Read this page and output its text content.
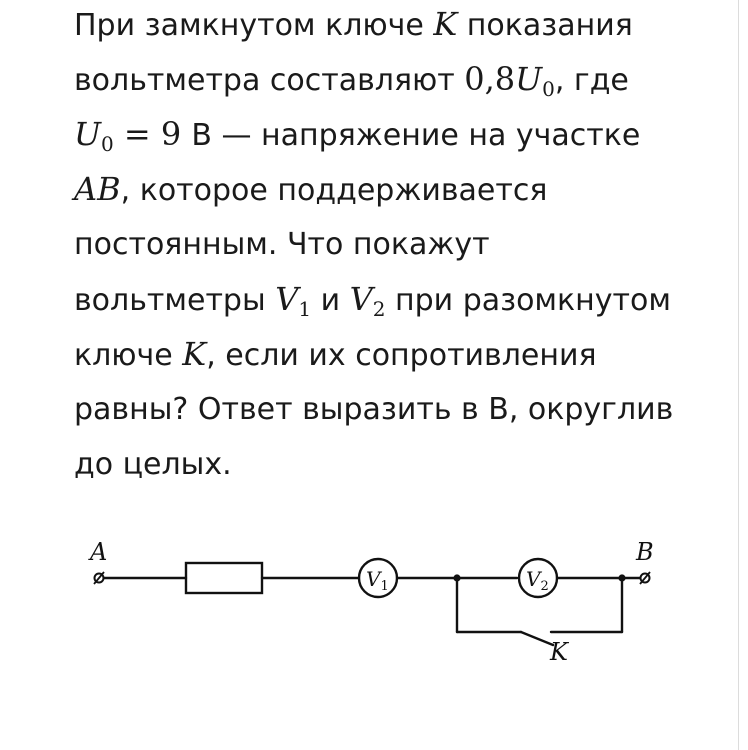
При замкнутом ключе K показания
вольтметра составляют $0,8U_0$, где
$U_0 = 9$ В — напряжение на участке
AB, которое поддерживается
постоянным. Что покажут
вольтметры $V_1$ и $V_2$ при разомкнутом
ключе K, если их сопротивления
равны? Ответ выразить в В, округлив
до целых.
A	B
$V_1$	$V_2$
K
